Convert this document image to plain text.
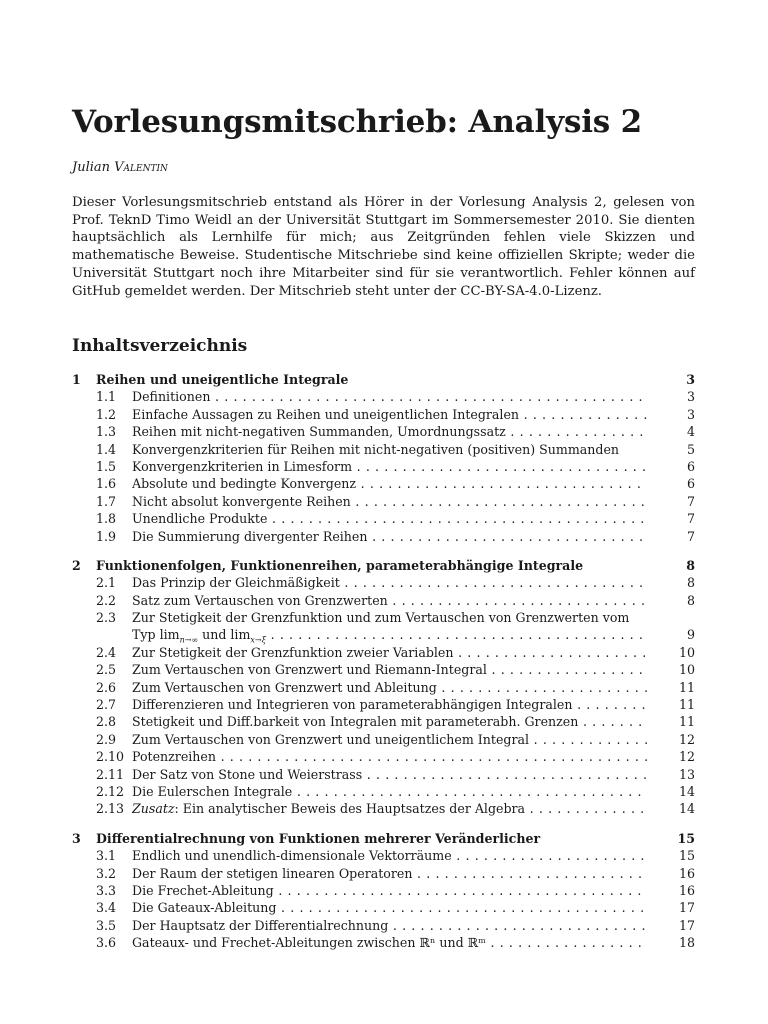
Vorlesungsmitschrieb: Analysis 2
Julian Valentin

Dieser Vorlesungsmitschrieb entstand als Hörer in der Vorlesung Analysis 2, gelesen von Prof. TeknD Timo Weidl an der Universität Stuttgart im Sommersemester 2010. Sie dienten hauptsächlich als Lernhilfe für mich; aus Zeitgründen fehlen viele Skizzen und mathematische Beweise. Studentische Mitschriebe sind keine offiziellen Skripte; weder die Universität Stuttgart noch ihre Mitarbeiter sind für sie verantwortlich. Fehler können auf GitHub gemeldet werden. Der Mitschrieb steht unter der CC-BY-SA-4.0-Lizenz.

Inhaltsverzeichnis
1 Reihen und uneigentliche Integrale	3
1.1 Definitionen . . .	3
1.2 Einfache Aussagen zu Reihen und uneigentlichen Integralen . . .	3
1.3 Reihen mit nicht-negativen Summanden, Umordnungssatz . . .	4
1.4 Konvergenzkriterien für Reihen mit nicht-negativen (positiven) Summanden	5
1.5 Konvergenzkriterien in Limesform . . .	6
1.6 Absolute und bedingte Konvergenz . . .	6
1.7 Nicht absolut konvergente Reihen . . .	7
1.8 Unendliche Produkte . . .	7
1.9 Die Summierung divergenter Reihen . . .	7
2 Funktionenfolgen, Funktionenreihen, parameterabhängige Integrale	8
2.1 Das Prinzip der Gleichmäßigkeit . . .	8
2.2 Satz zum Vertauschen von Grenzwerten . . .	8
2.3 Zur Stetigkeit der Grenzfunktion und zum Vertauschen von Grenzwerten vom
Typ $\lim_{n\to\infty}$ und $\lim_{x\to\xi}$ . . .	9
2.4 Zur Stetigkeit der Grenzfunktion zweier Variablen . . .	10
2.5 Zum Vertauschen von Grenzwert und Riemann-Integral . . .	10
2.6 Zum Vertauschen von Grenzwert und Ableitung . . .	11
2.7 Differenzieren und Integrieren von parameterabhängigen Integralen . . .	11
2.8 Stetigkeit und Diff.barkeit von Integralen mit parameterabh. Grenzen . . .	11
2.9 Zum Vertauschen von Grenzwert und uneigentlichem Integral . . .	12
2.10 Potenzreihen . . .	12
2.11 Der Satz von Stone und Weierstrass . . .	13
2.12 Die Eulerschen Integrale . . .	14
2.13 Zusatz: Ein analytischer Beweis des Hauptsatzes der Algebra . . .	14
3 Differentialrechnung von Funktionen mehrerer Veränderlicher	15
3.1 Endlich und unendlich-dimensionale Vektorräume . . .	15
3.2 Der Raum der stetigen linearen Operatoren . . .	16
3.3 Die Frechet-Ableitung . . .	16
3.4 Die Gateaux-Ableitung . . .	17
3.5 Der Hauptsatz der Differentialrechnung . . .	17
3.6 Gateaux- und Frechet-Ableitungen zwischen ℝⁿ und ℝᵐ . . .	18
